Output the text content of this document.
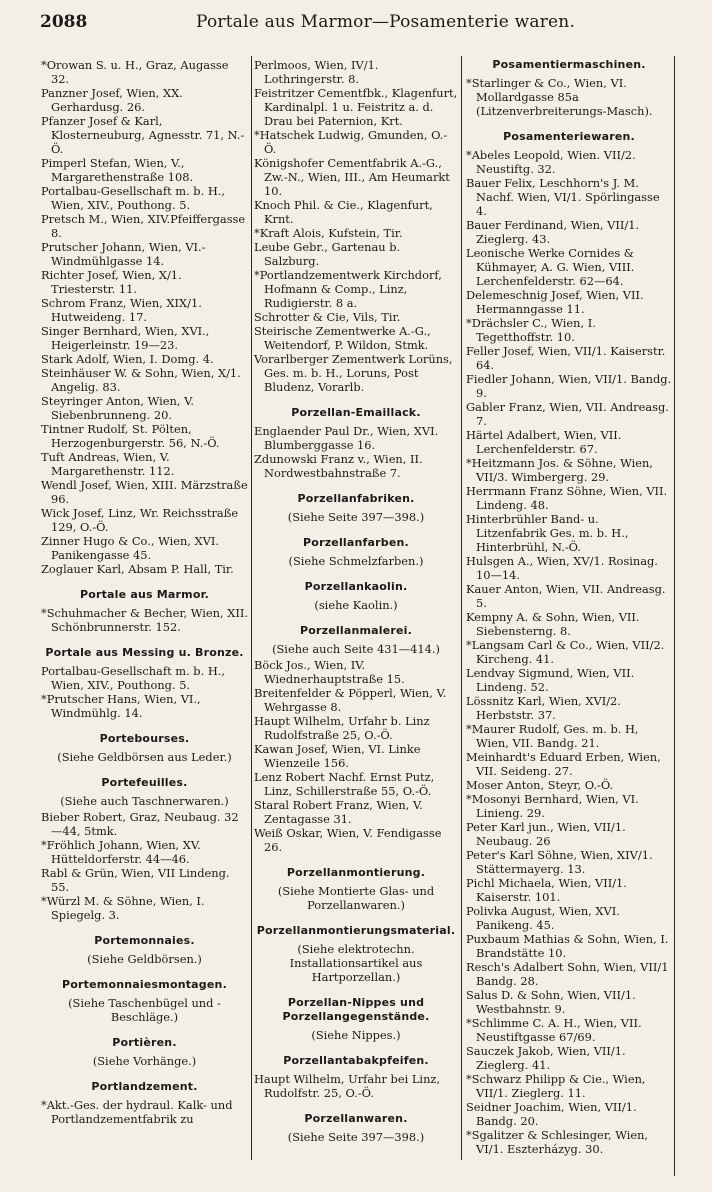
2088	Portale aus Marmor—Posamenterie waren.

*Orowan S. u. H., Graz, Augasse 32.

Panzner Josef, Wien, XX. Gerhardusg. 26.

Pfanzer Josef & Karl, Klosterneuburg, Agnesstr. 71, N.-Ö.

Pimperl Stefan, Wien, V., Margarethenstraße 108.

Portalbau-Gesellschaft m. b. H., Wien, XIV., Pouthong. 5.

Pretsch M., Wien, XIV.Pfeiffergasse 8.

Prutscher Johann, Wien, VI.-Windmühlgasse 14.

Richter Josef, Wien, X/1. Triesterstr. 11.

Schrom Franz, Wien, XIX/1. Hutweideng. 17.

Singer Bernhard, Wien, XVI., Heigerleinstr. 19—23.

Stark Adolf, Wien, I. Domg. 4.

Steinhäuser W. & Sohn, Wien, X/1. Angelig. 83.

Steyringer Anton, Wien, V. Siebenbrunneng. 20.

Tintner Rudolf, St. Pölten, Herzogenburgerstr. 56, N.-Ö.

Tuft Andreas, Wien, V. Margarethenstr. 112.

Wendl Josef, Wien, XIII. Märzstraße 96.

Wick Josef, Linz, Wr. Reichsstraße 129, O.-Ö.

Zinner Hugo & Co., Wien, XVI. Panikengasse 45.

Zoglauer Karl, Absam P. Hall, Tir.

Portale aus Marmor.

*Schuhmacher & Becher, Wien, XII. Schönbrunnerstr. 152.

Portale aus Messing u. Bronze.

Portalbau-Gesellschaft m. b. H., Wien, XIV., Pouthong. 5.

*Prutscher Hans, Wien, VI., Windmühlg. 14.

Portebourses.
(Siehe Geldbörsen aus Leder.)
Portefeuilles.
(Siehe auch Taschnerwaren.)

Bieber Robert, Graz, Neubaug. 32—44, 5tmk.

*Fröhlich Johann, Wien, XV. Hütteldorferstr. 44—46.

Rabl & Grün, Wien, VII Lindeng. 55.

*Würzl M. & Söhne, Wien, I. Spiegelg. 3.

Portemonnaies.
(Siehe Geldbörsen.)
Portemonnaiesmontagen.
(Siehe Taschenbügel und -Beschläge.)
Portièren.
(Siehe Vorhänge.)
Portlandzement.

*Akt.-Ges. der hydraul. Kalk- und Portlandzementfabrik zu

Perlmoos, Wien, IV/1. Lothringerstr. 8.

Feistritzer Cementfbk., Klagenfurt, Kardinalpl. 1 u. Feistritz a. d. Drau bei Paternion, Krt.

*Hatschek Ludwig, Gmunden, O.-Ö.

Königshofer Cementfabrik A.-G., Zw.-N., Wien, III., Am Heumarkt 10.

Knoch Phil. & Cie., Klagenfurt, Krnt.

*Kraft Alois, Kufstein, Tir.

Leube Gebr., Gartenau b. Salzburg.

*Portlandzementwerk Kirchdorf, Hofmann & Comp., Linz, Rudigierstr. 8 a.

Schrotter & Cie, Vils, Tir.

Steirische Zementwerke A.-G., Weitendorf, P. Wildon, Stmk.

Vorarlberger Zementwerk Lorüns, Ges. m. b. H., Loruns, Post Bludenz, Vorarlb.

Porzellan-Emaillack.

Englaender Paul Dr., Wien, XVI. Blumberggasse 16.

Zdunowski Franz v., Wien, II. Nordwestbahnstraße 7.

Porzellanfabriken.
(Siehe Seite 397—398.)
Porzellanfarben.
(Siehe Schmelzfarben.)
Porzellankaolin.
(siehe Kaolin.)
Porzellanmalerei.
(Siehe auch Seite 431—414.)

Böck Jos., Wien, IV. Wiednerhauptstraße 15.

Breitenfelder & Pöpperl, Wien, V. Wehrgasse 8.

Haupt Wilhelm, Urfahr b. Linz Rudolfstraße 25, O.-Ö.

Kawan Josef, Wien, VI. Linke Wienzeile 156.

Lenz Robert Nachf. Ernst Putz, Linz, Schillerstraße 55, O.-Ö.

Staral Robert Franz, Wien, V. Zentagasse 31.

Weiß Oskar, Wien, V. Fendigasse 26.

Porzellanmontierung.
(Siehe Montierte Glas- und Porzellanwaren.)
Porzellanmontierungsmaterial.
(Siehe elektrotechn. Installationsartikel aus Hartporzellan.)
Porzellan-Nippes und Porzellangegenstände.
(Siehe Nippes.)
Porzellantabakpfeifen.

Haupt Wilhelm, Urfahr bei Linz, Rudolfstr. 25, O.-Ö.

Porzellanwaren.
(Siehe Seite 397—398.)
Posamentiermaschinen.

*Starlinger & Co., Wien, VI. Mollardgasse 85a (Litzenverbreiterungs-Masch).

Posamenteriewaren.

*Abeles Leopold, Wien. VII/2. Neustiftg. 32.

Bauer Felix, Leschhorn's J. M. Nachf. Wien, VI/1. Spörlingasse 4.

Bauer Ferdinand, Wien, VII/1. Zieglerg. 43.

Leonische Werke Cornides & Kühmayer, A. G. Wien, VIII. Lerchenfelderstr. 62—64.

Delemeschnig Josef, Wien, VII. Hermanngasse 11.

*Drächsler C., Wien, I. Tegetthoffstr. 10.

Feller Josef, Wien, VII/1. Kaiserstr. 64.

Fiedler Johann, Wien, VII/1. Bandg. 9.

Gabler Franz, Wien, VII. Andreasg. 7.

Härtel Adalbert, Wien, VII. Lerchenfelderstr. 67.

*Heitzmann Jos. & Söhne, Wien, VII/3. Wimbergerg. 29.

Herrmann Franz Söhne, Wien, VII. Lindeng. 48.

Hinterbrühler Band- u. Litzenfabrik Ges. m. b. H., Hinterbrühl, N.-Ö.

Hulsgen A., Wien, XV/1. Rosinag. 10—14.

Kauer Anton, Wien, VII. Andreasg. 5.

Kempny A. & Sohn, Wien, VII. Siebensterng. 8.

*Langsam Carl & Co., Wien, VII/2. Kircheng. 41.

Lendvay Sigmund, Wien, VII. Lindeng. 52.

Lössnitz Karl, Wien, XVI/2. Herbststr. 37.

*Maurer Rudolf, Ges. m. b. H, Wien, VII. Bandg. 21.

Meinhardt's Eduard Erben, Wien, VII. Seideng. 27.

Moser Anton, Steyr, O.-Ö.

*Mosonyi Bernhard, Wien, VI. Linieng. 29.

Peter Karl jun., Wien, VII/1. Neubaug. 26

Peter's Karl Söhne, Wien, XIV/1. Stättermayerg. 13.

Pichl Michaela, Wien, VII/1. Kaiserstr. 101.

Polivka August, Wien, XVI. Panikeng. 45.

Puxbaum Mathias & Sohn, Wien, I. Brandstätte 10.

Resch's Adalbert Sohn, Wien, VII/1 Bandg. 28.

Salus D. & Sohn, Wien, VII/1. Westbahnstr. 9.

*Schlimme C. A. H., Wien, VII. Neustiftgasse 67/69.

Sauczek Jakob, Wien, VII/1. Zieglerg. 41.

*Schwarz Philipp & Cie., Wien, VII/1. Zieglerg. 11.

Seidner Joachim, Wien, VII/1. Bandg. 20.

*Sgalitzer & Schlesinger, Wien, VI/1. Eszterházyg. 30.
